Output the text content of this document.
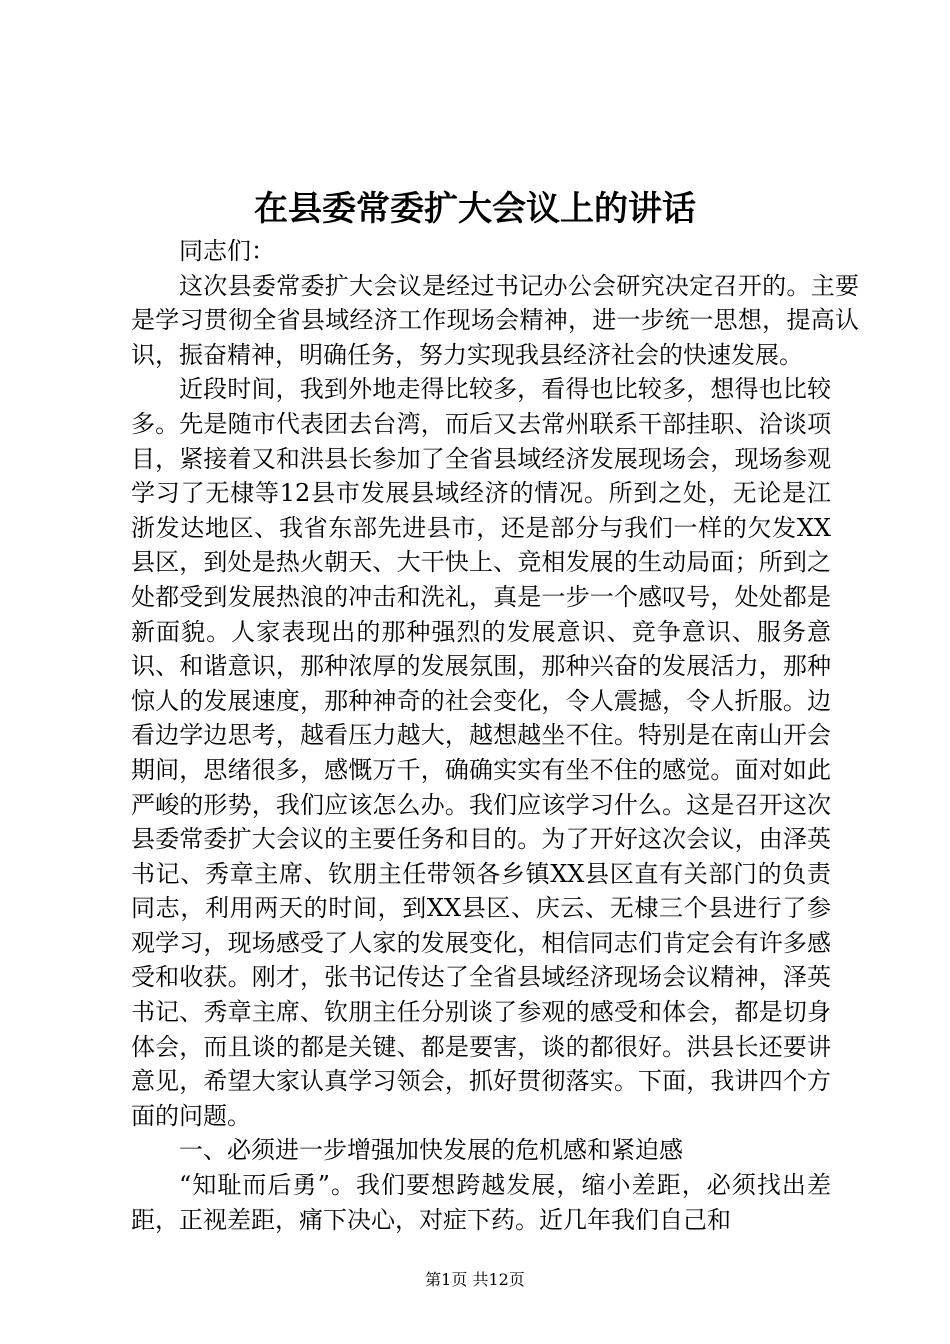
在县委常委扩大会议上的讲话

同志们：

这次县委常委扩大会议是经过书记办公会研究决定召开的。主要是学习贯彻全省县域经济工作现场会精神，进一步统一思想，提高认识，振奋精神，明确任务，努力实现我县经济社会的快速发展。

近段时间，我到外地走得比较多，看得也比较多，想得也比较多。先是随市代表团去台湾，而后又去常州联系干部挂职、洽谈项目，紧接着又和洪县长参加了全省县域经济发展现场会，现场参观学习了无棣等12县市发展县域经济的情况。所到之处，无论是江浙发达地区、我省东部先进县市，还是部分与我们一样的欠发XX县区，到处是热火朝天、大干快上、竞相发展的生动局面；所到之处都受到发展热浪的冲击和洗礼，真是一步一个感叹号，处处都是新面貌。人家表现出的那种强烈的发展意识、竞争意识、服务意识、和谐意识，那种浓厚的发展氛围，那种兴奋的发展活力，那种惊人的发展速度，那种神奇的社会变化，令人震撼，令人折服。边看边学边思考，越看压力越大，越想越坐不住。特别是在南山开会期间，思绪很多，感慨万千，确确实实有坐不住的感觉。面对如此严峻的形势，我们应该怎么办。我们应该学习什么。这是召开这次县委常委扩大会议的主要任务和目的。为了开好这次会议，由泽英书记、秀章主席、钦朋主任带领各乡镇XX县区直有关部门的负责同志，利用两天的时间，到XX县区、庆云、无棣三个县进行了参观学习，现场感受了人家的发展变化，相信同志们肯定会有许多感受和收获。刚才，张书记传达了全省县域经济现场会议精神，泽英书记、秀章主席、钦朋主任分别谈了参观的感受和体会，都是切身体会，而且谈的都是关键、都是要害，谈的都很好。洪县长还要讲意见，希望大家认真学习领会，抓好贯彻落实。下面，我讲四个方面的问题。

一、必须进一步增强加快发展的危机感和紧迫感

“知耻而后勇”。我们要想跨越发展，缩小差距，必须找出差距，正视差距，痛下决心，对症下药。近几年我们自己和

第1页 共12页
